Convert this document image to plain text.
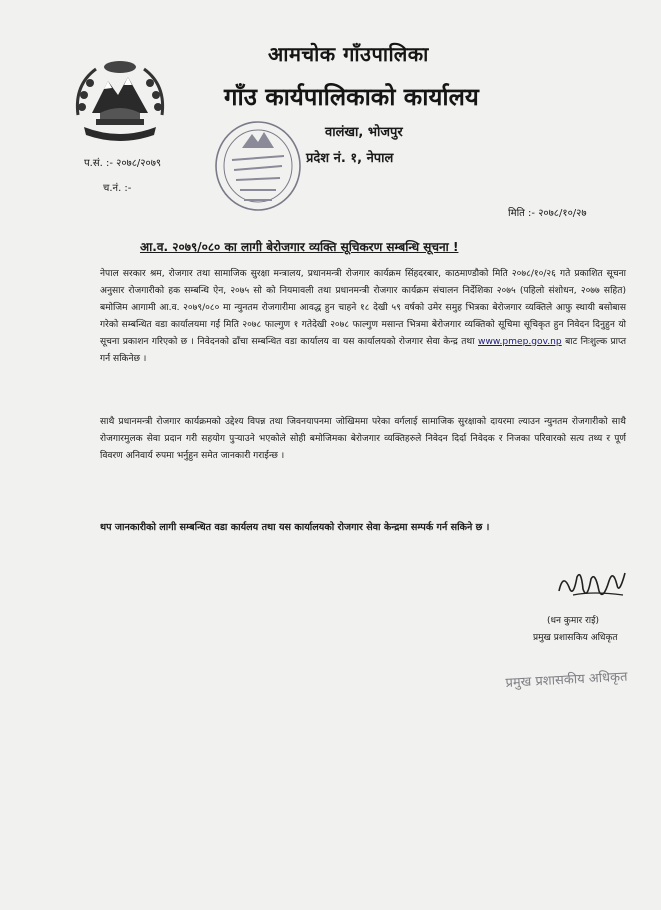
आमचोक गाँउपालिका
गाँउ कार्यपालिकाको कार्यालय
वालंखा, भोजपुर
प्रदेश नं. १, नेपाल
प.सं. :- २०७८/२०७९
च.नं. :-
मिति :- २०७८/१०/२७
आ.व. २०७९/०८० का लागी बेरोजगार व्यक्ति सूचिकरण सम्बन्धि सूचना !
नेपाल सरकार श्रम, रोजगार तथा सामाजिक सुरक्षा मन्त्रालय, प्रधानमन्त्री रोजगार कार्यक्रम सिंहदरबार, काठमाण्डौको मिति २०७८/१०/२६ गते प्रकाशित सूचना अनुसार रोजगारीको हक सम्बन्धि ऐन, २०७५ सो को नियमावली तथा प्रधानमन्त्री रोजगार कार्यक्रम संचालन निर्देशिका २०७५ (पहिलो संशोधन, २०७७ सहित) बमोजिम आगामी आ.व. २०७९/०८० मा न्युनतम रोजगारीमा आवद्ध हुन चाहने १८ देखी ५९ वर्षको उमेर समुह भित्रका बेरोजगार व्यक्तिले आफु स्थायी बसोबास गरेको सम्बन्धित वडा कार्यालयमा गई मिति २०७८ फाल्गुण १ गतेदेखी २०७८ फाल्गुण मसान्त भित्रमा बेरोजगार व्यक्तिको सूचिमा सूचिकृत हुन निवेदन दिनुहुन यो सूचना प्रकाशन गरिएको छ । निवेदनको ढाँचा सम्बन्धित वडा कार्यालय वा यस कार्यालयको रोजगार सेवा केन्द्र तथा www.pmep.gov.np बाट निःशुल्क प्राप्त गर्न सकिनेछ ।
साथै प्रधानमन्त्री रोजगार कार्यक्रमको उद्देश्य विपन्न तथा जिवनयापनमा जोखिममा परेका वर्गलाई सामाजिक सुरक्षाको दायरमा ल्याउन न्युनतम रोजगारीको साथै रोजगारमुलक सेवा प्रदान गरी सहयोग पुऱ्याउने भएकोले सोही बमोजिमका बेरोजगार व्यक्तिहरुले निवेदन दिर्दा निवेदक र निजका परिवारको सत्य तथ्य र पूर्ण विवरण अनिवार्य रुपमा भर्नुहुन समेत जानकारी गराईन्छ ।
थप जानकारीको लागी सम्बन्धित वडा कार्यलय तथा यस कार्यालयको रोजगार सेवा केन्द्रमा सम्पर्क गर्न सकिने छ ।
(धन कुमार राई)
प्रमुख प्रशासकिय अधिकृत
प्रमुख प्रशासकीय अधिकृत
